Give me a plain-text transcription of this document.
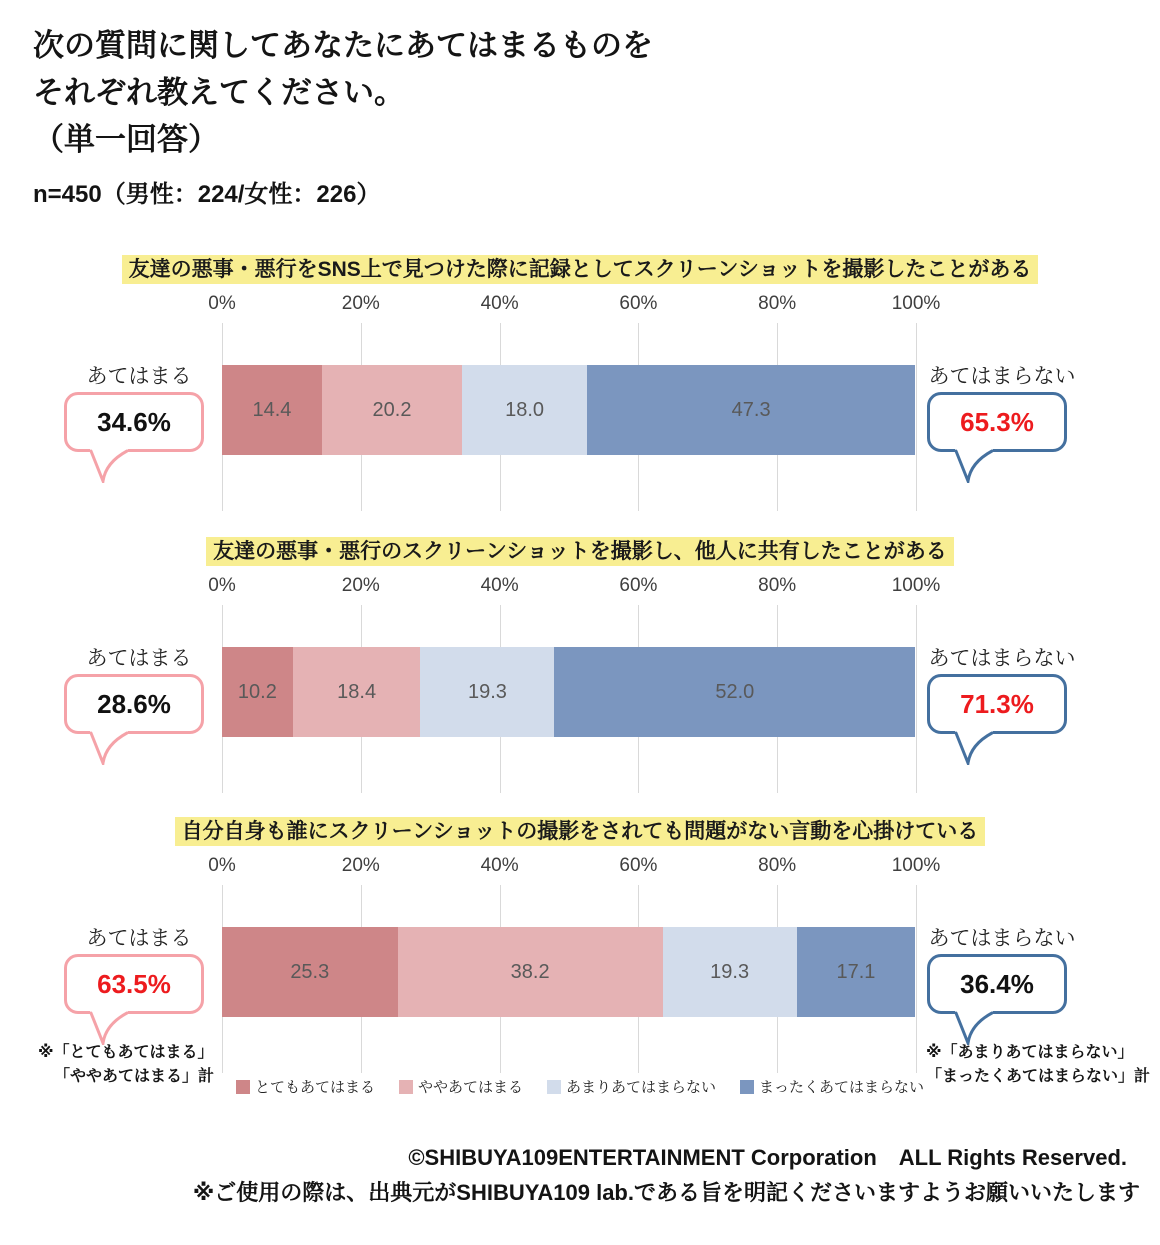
次の質問に関してあなたにあてはまるものを
それぞれ教えてください。
（単一回答）
n=450（男性：224/女性：226）
友達の悪事・悪行をSNS上で見つけた際に記録としてスクリーンショットを撮影したことがある
0%	20%	40%	60%	80%	100%
14.4	20.2	18.0	47.3
あてはまる
34.6%
あてはまらない
65.3%
友達の悪事・悪行のスクリーンショットを撮影し、他人に共有したことがある
0%	20%	40%	60%	80%	100%
10.2	18.4	19.3	52.0
あてはまる
28.6%
あてはまらない
71.3%
自分自身も誰にスクリーンショットの撮影をされても問題がない言動を心掛けている
0%	20%	40%	60%	80%	100%
25.3	38.2	19.3	17.1
あてはまる
63.5%
あてはまらない
36.4%
※「とてもあてはまる」
「ややあてはまる」計
※「あまりあてはまらない」
「まったくあてはまらない」計
とてもあてはまる	ややあてはまる	あまりあてはまらない	まったくあてはまらない
©SHIBUYA109ENTERTAINMENT Corporation　ALL Rights Reserved.
※ご使用の際は、出典元がSHIBUYA109 lab.である旨を明記くださいますようお願いいたします
